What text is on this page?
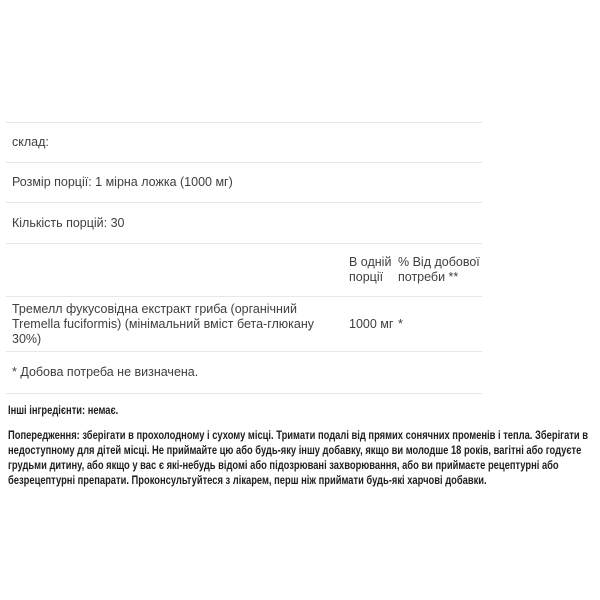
склад:
Розмір порції: 1 мірна ложка (1000 мг)
Кількість порцій: 30
В одній порції
% Від добової потреби **
Тремелл фукусовідна екстракт гриба (органічний Tremella fuciformis) (мінімальний вміст бета-глюкану 30%)
1000 мг *
* Добова потреба не визначена.
Інші інгредієнти: немає.
Попередження: зберігати в прохолодному і сухому місці. Тримати подалі від прямих сонячних променів і тепла. Зберігати в недоступному для дітей місці. Не приймайте цю або будь-яку іншу добавку, якщо ви молодше 18 років, вагітні або годуєте грудьми дитину, або якщо у вас є які-небудь відомі або підозрювані захворювання, або ви приймаєте рецептурні або безрецептурні препарати. Проконсультуйтеся з лікарем, перш ніж приймати будь-які харчові добавки.
